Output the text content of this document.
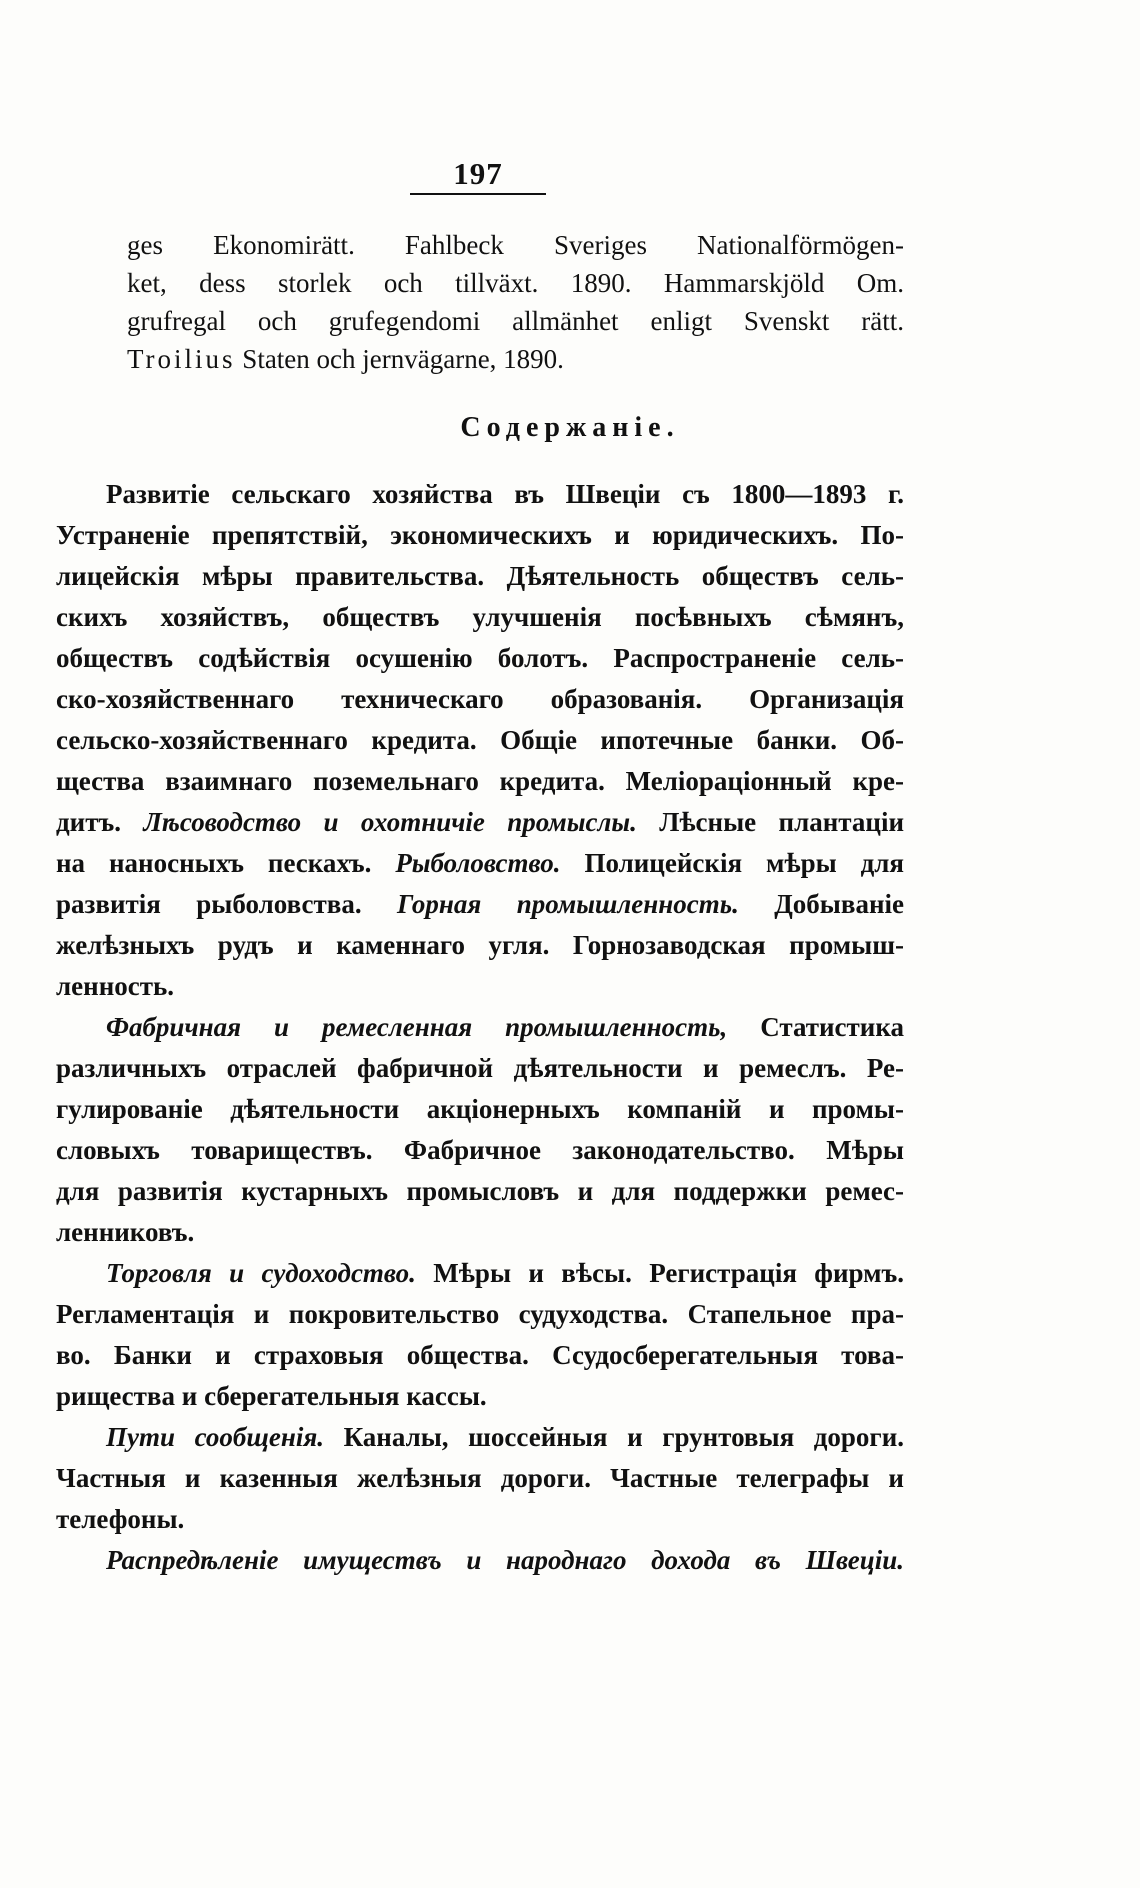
197
ges Ekonomirätt. Fahlbeck Sveriges Nationalförmögen-
ket, dess storlek och tillväxt. 1890. Hammarskjöld Om.
grufregal och grufegendomi allmänhet enligt Svenskt rätt.
Troilius Staten och jernvägarne, 1890.
Содержаніе.
Развитіе сельскаго хозяйства въ Швеціи съ 1800—1893 г.
Устраненіе препятствій, экономическихъ и юридическихъ. По-
лицейскія мѣры правительства. Дѣятельность обществъ сель-
скихъ хозяйствъ, обществъ улучшенія посѣвныхъ сѣмянъ,
обществъ содѣйствія осушенію болотъ. Распространеніе сель-
ско-хозяйственнаго техническаго образованія. Организація
сельско-хозяйственнаго кредита. Общіе ипотечные банки. Об-
щества взаимнаго поземельнаго кредита. Меліораціонный кре-
дитъ. Лѣсоводство и охотничіе промыслы. Лѣсные плантаціи
на наносныхъ пескахъ. Рыболовство. Полицейскія мѣры для
развитія рыболовства. Горная промышленность. Добываніе
желѣзныхъ рудъ и каменнаго угля. Горнозаводская промыш-
ленность.
Фабричная и ремесленная промышленность, Статистика
различныхъ отраслей фабричной дѣятельности и ремеслъ. Ре-
гулированіе дѣятельности акціонерныхъ компаній и промы-
словыхъ товариществъ. Фабричное законодательство. Мѣры
для развитія кустарныхъ промысловъ и для поддержки ремес-
ленниковъ.
Торговля и судоходство. Мѣры и вѣсы. Регистрація фирмъ.
Регламентація и покровительство судуходства. Стапельное пра-
во. Банки и страховыя общества. Ссудосберегательныя това-
рищества и сберегательныя кассы.
Пути сообщенія. Каналы, шоссейныя и грунтовыя дороги.
Частныя и казенныя желѣзныя дороги. Частные телеграфы и
телефоны.
Распредѣленіе имуществъ и народнаго дохода въ Швеціи.
